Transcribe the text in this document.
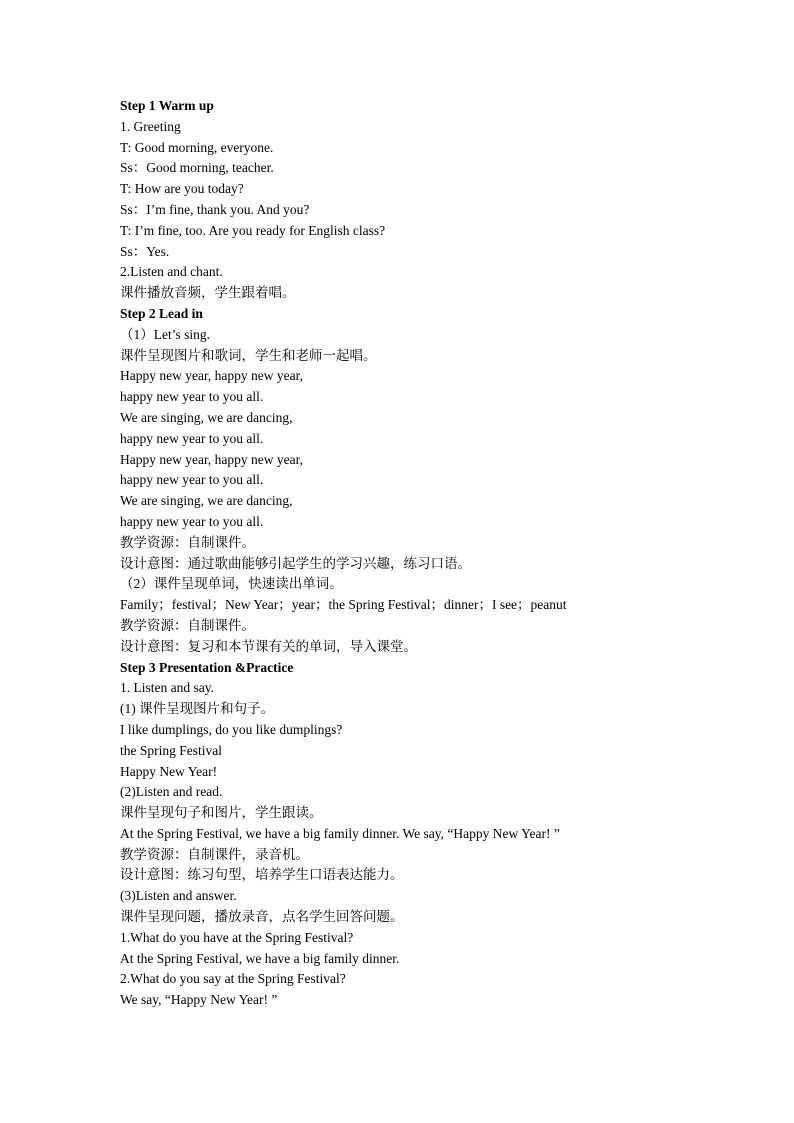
Step 1 Warm up
1. Greeting
T: Good morning, everyone.
Ss：Good morning, teacher.
T: How are you today?
Ss：I’m fine, thank you. And you?
T: I’m fine, too. Are you ready for English class?
Ss：Yes.
2.Listen and chant.
课件播放音频，学生跟着唱。
Step 2 Lead in
（1）Let’s sing.
课件呈现图片和歌词，学生和老师一起唱。
Happy new year, happy new year,
happy new year to you all.
We are singing, we are dancing,
happy new year to you all.
Happy new year, happy new year,
happy new year to you all.
We are singing, we are dancing,
happy new year to you all.
教学资源：自制课件。
设计意图：通过歌曲能够引起学生的学习兴趣，练习口语。
（2）课件呈现单词，快速读出单词。
Family；festival；New Year；year；the Spring Festival；dinner；I see；peanut
教学资源：自制课件。
设计意图：复习和本节课有关的单词，导入课堂。
Step 3 Presentation &Practice
1. Listen and say.
(1) 课件呈现图片和句子。
I like dumplings, do you like dumplings?
the Spring Festival
Happy New Year!
(2)Listen and read.
课件呈现句子和图片，学生跟读。
At the Spring Festival, we have a big family dinner. We say, “Happy New Year! ”
教学资源：自制课件，录音机。
设计意图：练习句型，培养学生口语表达能力。
(3)Listen and answer.
课件呈现问题，播放录音，点名学生回答问题。
1.What do you have at the Spring Festival?
At the Spring Festival, we have a big family dinner.
2.What do you say at the Spring Festival?
We say, “Happy New Year! ”
